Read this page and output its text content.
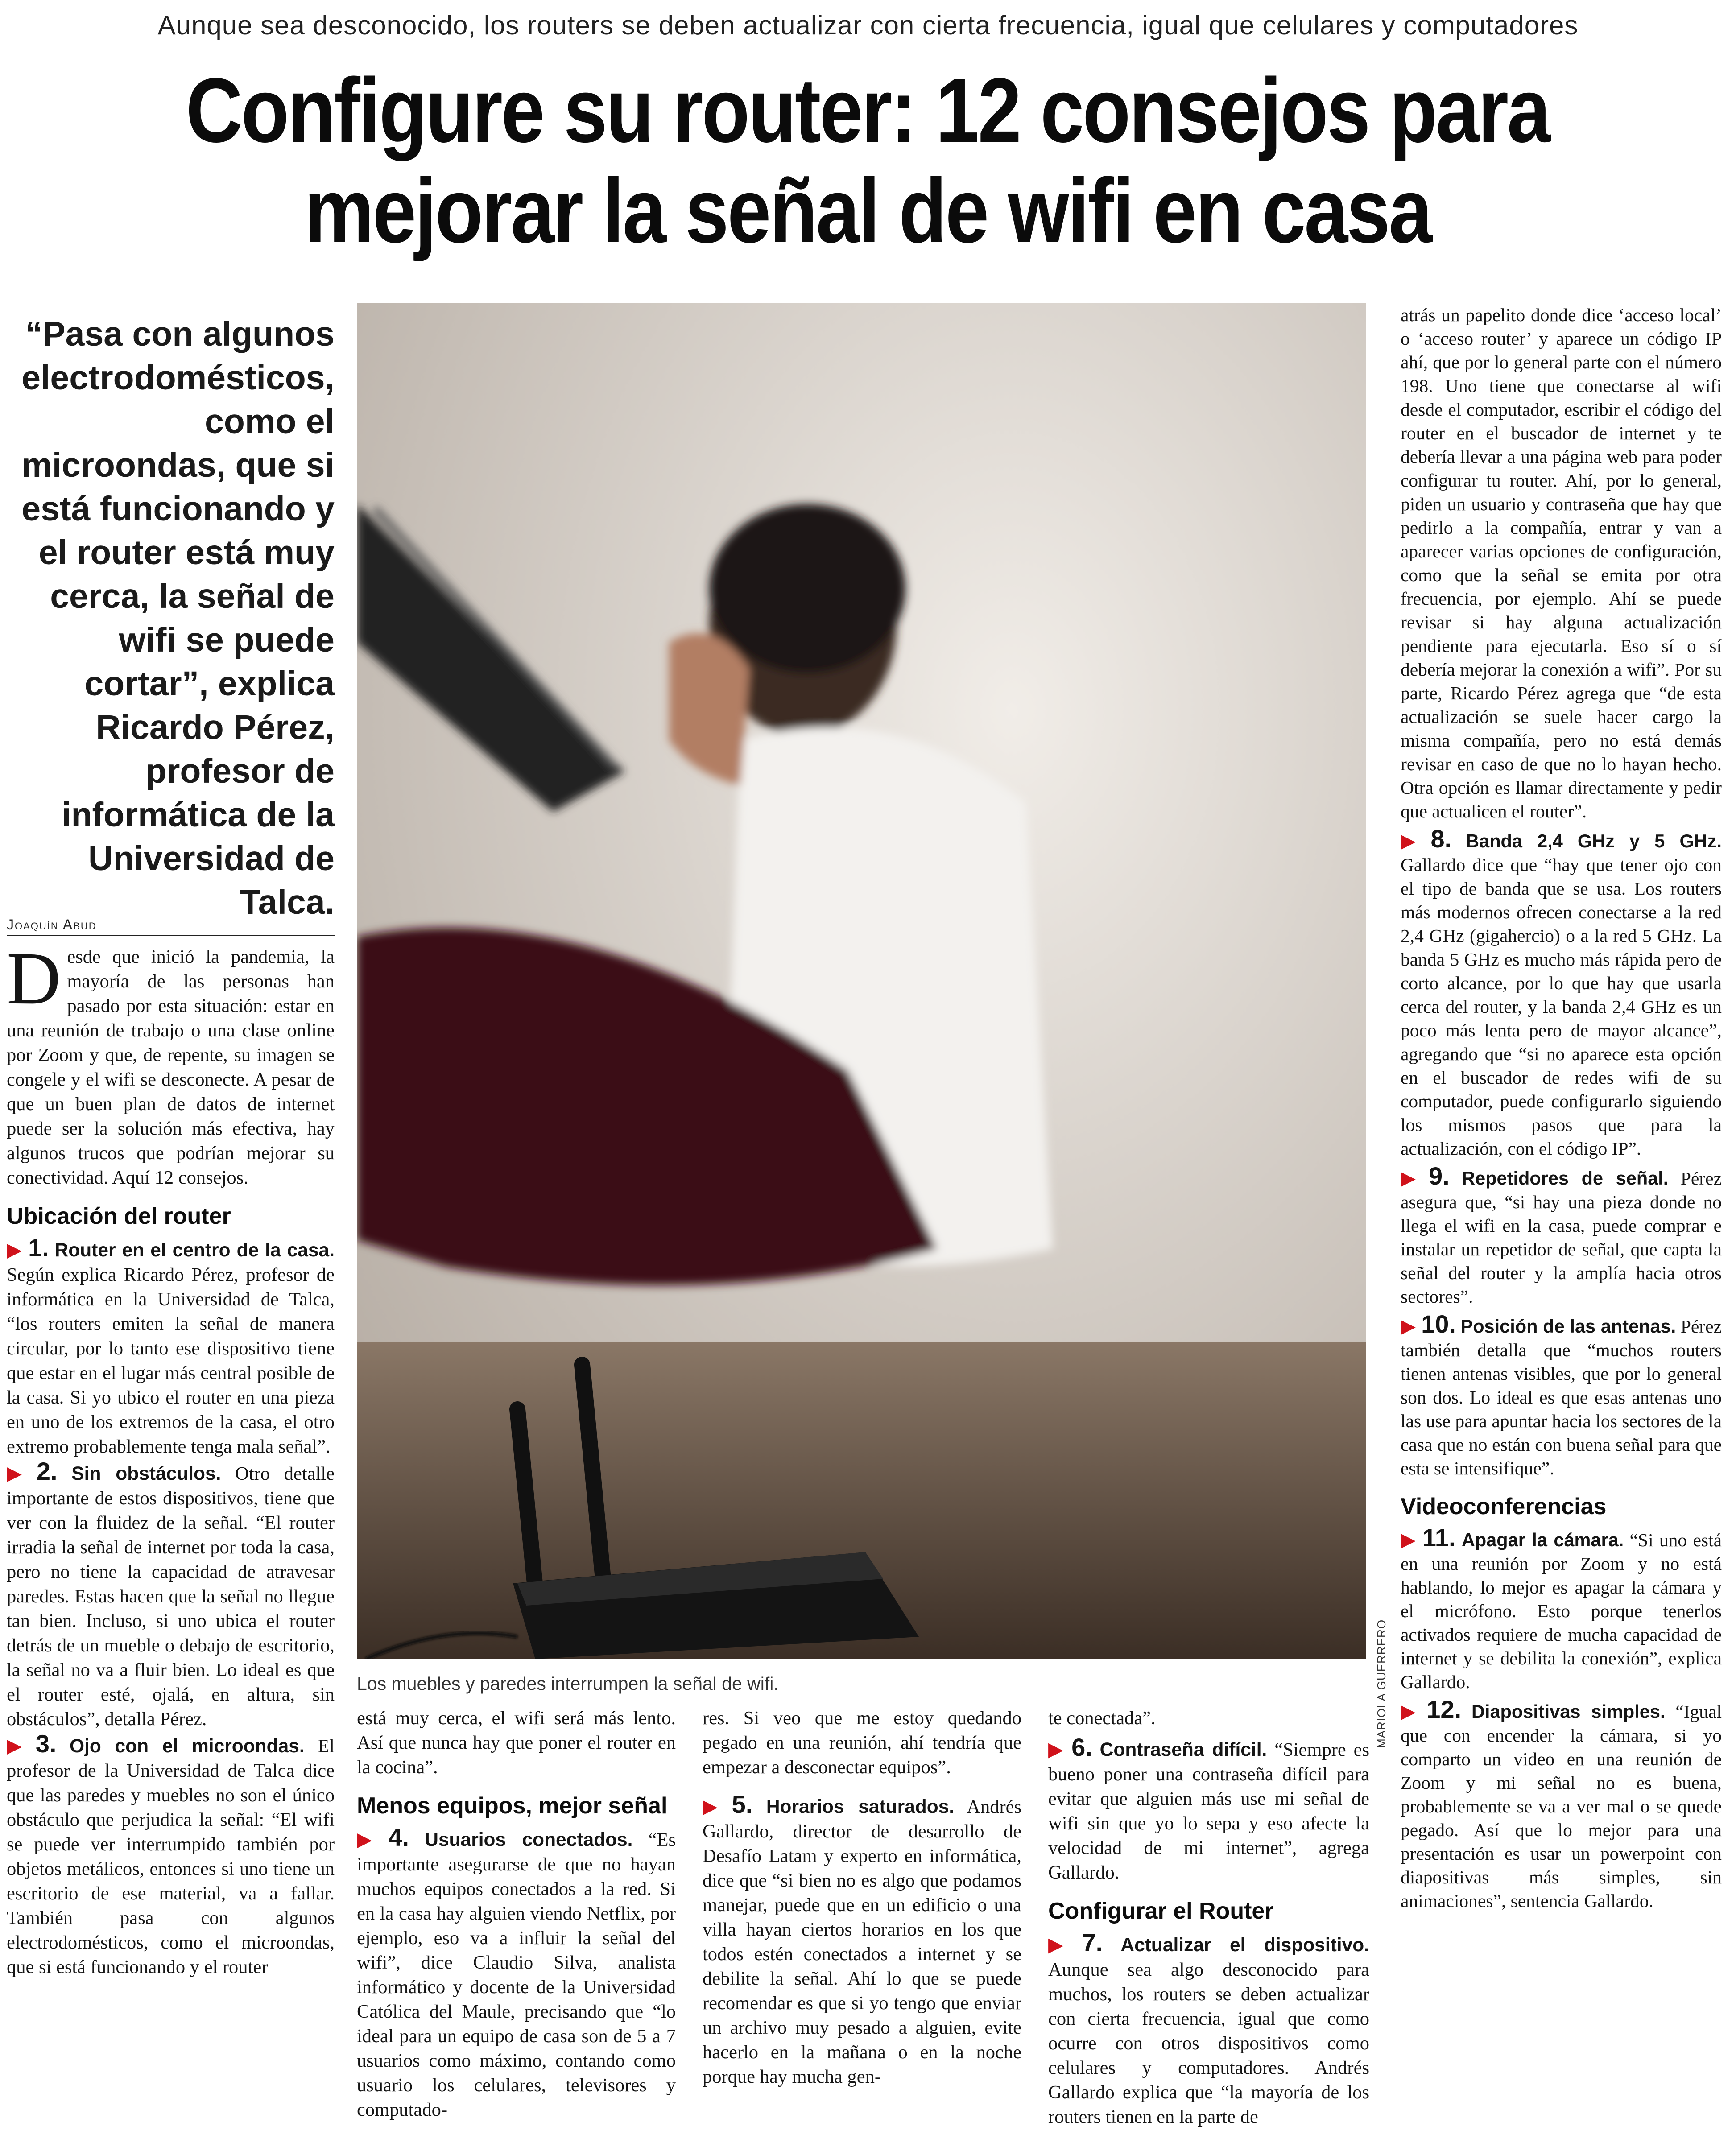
Aunque sea desconocido, los routers se deben actualizar con cierta frecuencia, igual que celulares y computadores
Configure su router: 12 consejos para
mejorar la señal de wifi en casa
“Pasa con algunos electrodomésticos, como el microondas, que si está funcionando y el router está muy cerca, la señal de wifi se puede cortar”, explica Ricardo Pérez, profesor de informática de la Universidad de Talca.
Joaquín Abud

Desde que inició la pandemia, la mayoría de las personas han pasado por esta situación: estar en una reunión de trabajo o una clase online por Zoom y que, de repente, su imagen se congele y el wifi se desconecte. A pesar de que un buen plan de datos de internet puede ser la solución más efectiva, hay algunos trucos que podrían mejorar su conectividad. Aquí 12 consejos.

Ubicación del router

▶ 1. Router en el centro de la casa. Según explica Ricardo Pérez, profesor de informática en la Universidad de Talca, “los routers emiten la señal de manera circular, por lo tanto ese dispositivo tiene que estar en el lugar más central posible de la casa. Si yo ubico el router en una pieza en uno de los extremos de la casa, el otro extremo probablemente tenga mala señal”.

▶ 2. Sin obstáculos. Otro detalle importante de estos dispositivos, tiene que ver con la fluidez de la señal. “El router irradia la señal de internet por toda la casa, pero no tiene la capacidad de atravesar paredes. Estas hacen que la señal no llegue tan bien. Incluso, si uno ubica el router detrás de un mueble o debajo de escritorio, la señal no va a fluir bien. Lo ideal es que el router esté, ojalá, en altura, sin obstáculos”, detalla Pérez.

▶ 3. Ojo con el microondas. El profesor de la Universidad de Talca dice que las paredes y muebles no son el único obstáculo que perjudica la señal: “El wifi se puede ver interrumpido también por objetos metálicos, entonces si uno tiene un escritorio de ese material, va a fallar. También pasa con algunos electrodomésticos, como el microondas, que si está funcionando y el router

MARIOLA GUERRERO
Los muebles y paredes interrumpen la señal de wifi.

está muy cerca, el wifi será más lento. Así que nunca hay que poner el router en la cocina”.

Menos equipos, mejor señal

▶ 4. Usuarios conectados. “Es importante asegurarse de que no hayan muchos equipos conectados a la red. Si en la casa hay alguien viendo Netflix, por ejemplo, eso va a influir la señal del wifi”, dice Claudio Silva, analista informático y docente de la Universidad Católica del Maule, precisando que “lo ideal para un equipo de casa son de 5 a 7 usuarios como máximo, contando como usuario los celulares, televisores y computado-

res. Si veo que me estoy quedando pegado en una reunión, ahí tendría que empezar a desconectar equipos”.

▶ 5. Horarios saturados. Andrés Gallardo, director de desarrollo de Desafío Latam y experto en informática, dice que “si bien no es algo que podamos manejar, puede que en un edificio o una villa hayan ciertos horarios en los que todos estén conectados a internet y se debilite la señal. Ahí lo que se puede recomendar es que si yo tengo que enviar un archivo muy pesado a alguien, evite hacerlo en la mañana o en la noche porque hay mucha gen-

te conectada”.

▶ 6. Contraseña difícil. “Siempre es bueno poner una contraseña difícil para evitar que alguien más use mi señal de wifi sin que yo lo sepa y eso afecte la velocidad de mi internet”, agrega Gallardo.

Configurar el Router

▶ 7. Actualizar el dispositivo. Aunque sea algo desconocido para muchos, los routers se deben actualizar con cierta frecuencia, igual que como ocurre con otros dispositivos como celulares y computadores. Andrés Gallardo explica que “la mayoría de los routers tienen en la parte de

atrás un papelito donde dice ‘acceso local’ o ‘acceso router’ y aparece un código IP ahí, que por lo general parte con el número 198. Uno tiene que conectarse al wifi desde el computador, escribir el código del router en el buscador de internet y te debería llevar a una página web para poder configurar tu router. Ahí, por lo general, piden un usuario y contraseña que hay que pedirlo a la compañía, entrar y van a aparecer varias opciones de configuración, como que la señal se emita por otra frecuencia, por ejemplo. Ahí se puede revisar si hay alguna actualización pendiente para ejecutarla. Eso sí o sí debería mejorar la conexión a wifi”. Por su parte, Ricardo Pérez agrega que “de esta actualización se suele hacer cargo la misma compañía, pero no está demás revisar en caso de que no lo hayan hecho. Otra opción es llamar directamente y pedir que actualicen el router”.

▶ 8. Banda 2,4 GHz y 5 GHz. Gallardo dice que “hay que tener ojo con el tipo de banda que se usa. Los routers más modernos ofrecen conectarse a la red 2,4 GHz (gigahercio) o a la red 5 GHz. La banda 5 GHz es mucho más rápida pero de corto alcance, por lo que hay que usarla cerca del router, y la banda 2,4 GHz es un poco más lenta pero de mayor alcance”, agregando que “si no aparece esta opción en el buscador de redes wifi de su computador, puede configurarlo siguiendo los mismos pasos que para la actualización, con el código IP”.

▶ 9. Repetidores de señal. Pérez asegura que, “si hay una pieza donde no llega el wifi en la casa, puede comprar e instalar un repetidor de señal, que capta la señal del router y la amplía hacia otros sectores”.

▶ 10. Posición de las antenas. Pérez también detalla que “muchos routers tienen antenas visibles, que por lo general son dos. Lo ideal es que esas antenas uno las use para apuntar hacia los sectores de la casa que no están con buena señal para que esta se intensifique”.

Videoconferencias

▶ 11. Apagar la cámara. “Si uno está en una reunión por Zoom y no está hablando, lo mejor es apagar la cámara y el micrófono. Esto porque tenerlos activados requiere de mucha capacidad de internet y se debilita la conexión”, explica Gallardo.

▶ 12. Diapositivas simples. “Igual que con encender la cámara, si yo comparto un video en una reunión de Zoom y mi señal no es buena, probablemente se va a ver mal o se quede pegado. Así que lo mejor para una presentación es usar un powerpoint con diapositivas más simples, sin animaciones”, sentencia Gallardo.
